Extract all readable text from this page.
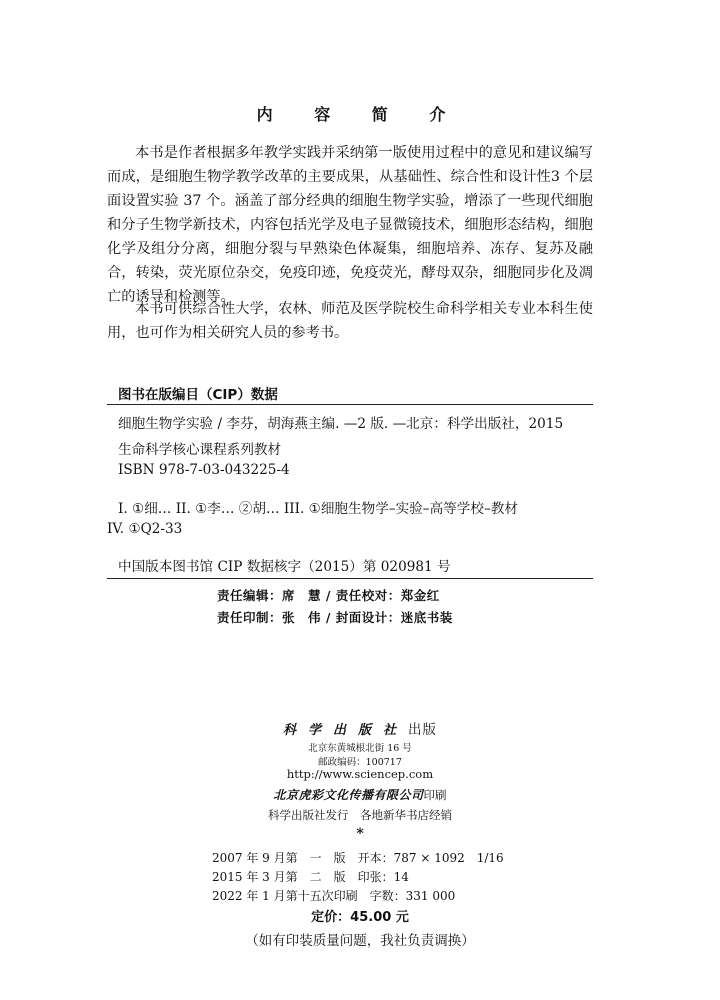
内 容 简 介
本书是作者根据多年教学实践并采纳第一版使用过程中的意见和建议编写而成，是细胞生物学教学改革的主要成果，从基础性、综合性和设计性3 个层面设置实验 37 个。涵盖了部分经典的细胞生物学实验，增添了一些现代细胞和分子生物学新技术，内容包括光学及电子显微镜技术，细胞形态结构，细胞化学及组分分离，细胞分裂与早熟染色体凝集，细胞培养、冻存、复苏及融合，转染，荧光原位杂交，免疫印迹，免疫荧光，酵母双杂，细胞同步化及凋亡的诱导和检测等。
本书可供综合性大学，农林、师范及医学院校生命科学相关专业本科生使用，也可作为相关研究人员的参考书。
图书在版编目（CIP）数据
细胞生物学实验 / 李芬，胡海燕主编. —2 版. —北京：科学出版社，2015
生命科学核心课程系列教材
ISBN 978-7-03-043225-4
I. ①细… II. ①李… ②胡… III. ①细胞生物学–实验–高等学校–教材
IV. ①Q2-33
中国版本图书馆 CIP 数据核字（2015）第 020981 号
责任编辑：席　慧 / 责任校对：郑金红
责任印制：张　伟 / 封面设计：迷底书装
科学出版社出版
北京东黄城根北街 16 号
邮政编码：100717
http://www.sciencep.com
北京虎彩文化传播有限公司印刷
科学出版社发行　各地新华书店经销
*
2007 年 9 月第　一　版　开本：787 × 1092　1/16
2015 年 3 月第　二　版　印张：14
2022 年 1 月第十五次印刷　字数：331 000
定价：45.00 元
（如有印装质量问题，我社负责调换）
